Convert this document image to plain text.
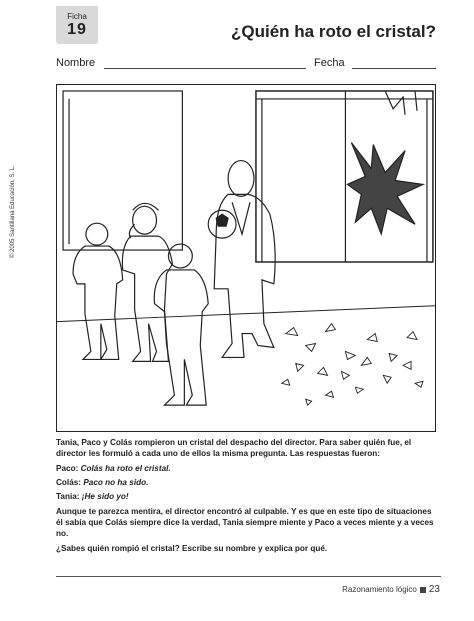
Ficha
19	¿Quién ha roto el cristal?
Nombre	Fecha
© 2005 Santillana Educación, S. L.

Tania, Paco y Colás rompieron un cristal del despacho del director. Para saber quién fue, el director les formuló a cada uno de ellos la misma pregunta. Las respuestas fueron:

Paco: Colás ha roto el cristal.

Colás: Paco no ha sido.

Tania: ¡He sido yo!

Aunque te parezca mentira, el director encontró al culpable. Y es que en este tipo de situaciones él sabía que Colás siempre dice la verdad, Tania siempre miente y Paco a veces miente y a veces no.

¿Sabes quién rompió el cristal? Escribe su nombre y explica por qué.

Razonamiento lógico 23
